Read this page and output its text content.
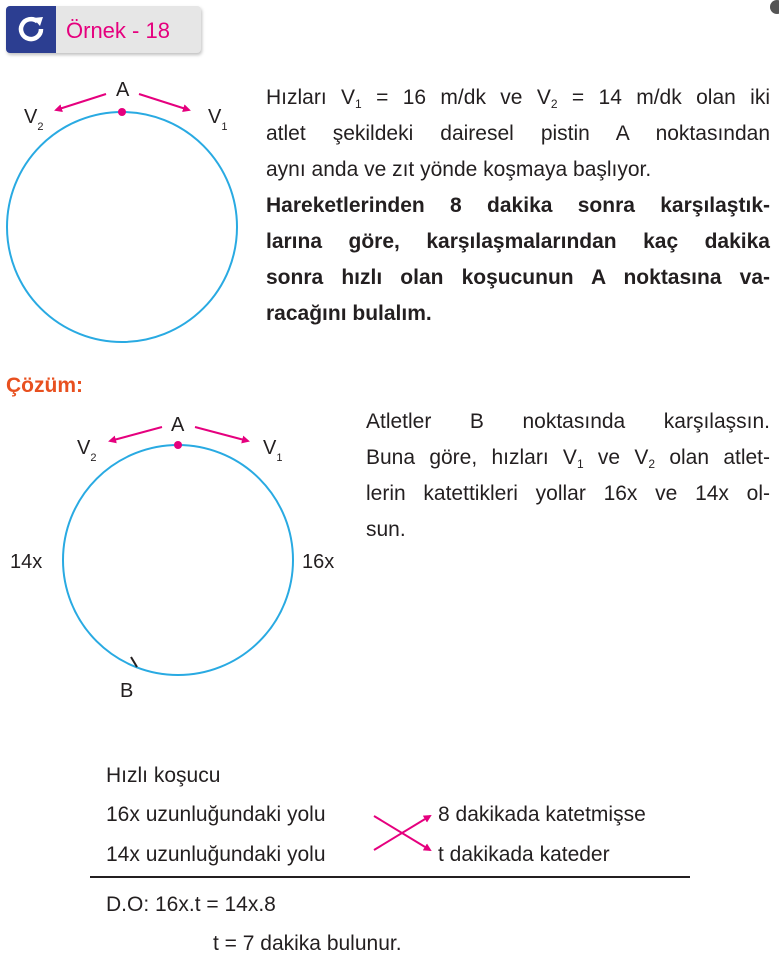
Örnek - 18
A
$V_2$	$V_1$
Hızları $V_1 = 16$ m/dk ve $V_2 = 14$ m/dk olan iki
atlet şekildeki dairesel pistin A noktasından
aynı anda ve zıt yönde koşmaya başlıyor.
Hareketlerinden 8 dakika sonra karşılaştık-
larına göre, karşılaşmalarından kaç dakika
sonra hızlı olan koşucunun A noktasına va-
racağını bulalım.
Çözüm:
A
$V_2$	$V_1$
14x	16x
B
Atletler B noktasında karşılaşsın.
Buna göre, hızları $V_1$ ve $V_2$ olan atlet-
lerin katettikleri yollar 16x ve 14x ol-
sun.
Hızlı koşucu
16x uzunluğundaki yolu	8 dakikada katetmişse
14x uzunluğundaki yolu	t dakikada kateder
D.O: 16x.t = 14x.8
t = 7 dakika bulunur.
